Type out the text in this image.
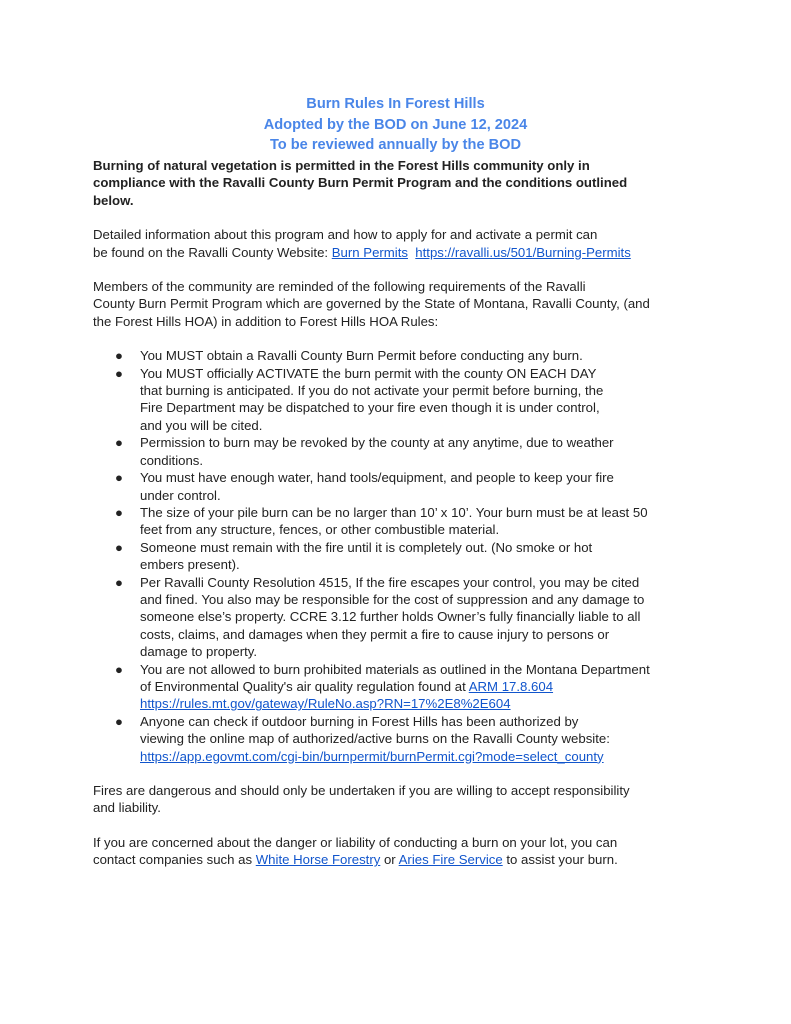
Burn Rules In Forest Hills
Adopted by the BOD on June 12, 2024
To be reviewed annually by the BOD

Burning of natural vegetation is permitted in the Forest Hills community only in
compliance with the Ravalli County Burn Permit Program and the conditions outlined
below.

Detailed information about this program and how to apply for and activate a permit can
be found on the Ravalli County Website: Burn Permits https://ravalli.us/501/Burning-Permits

Members of the community are reminded of the following requirements of the Ravalli
County Burn Permit Program which are governed by the State of Montana, Ravalli County, (and
the Forest Hills HOA) in addition to Forest Hills HOA Rules:

● You MUST obtain a Ravalli County Burn Permit before conducting any burn.
● You MUST officially ACTIVATE the burn permit with the county ON EACH DAY
that burning is anticipated. If you do not activate your permit before burning, the
Fire Department may be dispatched to your fire even though it is under control,
and you will be cited.
● Permission to burn may be revoked by the county at any anytime, due to weather
conditions.
● You must have enough water, hand tools/equipment, and people to keep your fire
under control.
● The size of your pile burn can be no larger than 10’ x 10’. Your burn must be at least 50
feet from any structure, fences, or other combustible material.
● Someone must remain with the fire until it is completely out. (No smoke or hot
embers present).
● Per Ravalli County Resolution 4515, If the fire escapes your control, you may be cited
and fined. You also may be responsible for the cost of suppression and any damage to
someone else’s property. CCRE 3.12 further holds Owner’s fully financially liable to all
costs, claims, and damages when they permit a fire to cause injury to persons or
damage to property.
● You are not allowed to burn prohibited materials as outlined in the Montana Department
of Environmental Quality's air quality regulation found at ARM 17.8.604
https://rules.mt.gov/gateway/RuleNo.asp?RN=17%2E8%2E604
● Anyone can check if outdoor burning in Forest Hills has been authorized by
viewing the online map of authorized/active burns on the Ravalli County website:
https://app.egovmt.com/cgi-bin/burnpermit/burnPermit.cgi?mode=select_county

Fires are dangerous and should only be undertaken if you are willing to accept responsibility
and liability.

If you are concerned about the danger or liability of conducting a burn on your lot, you can
contact companies such as White Horse Forestry or Aries Fire Service to assist your burn.
